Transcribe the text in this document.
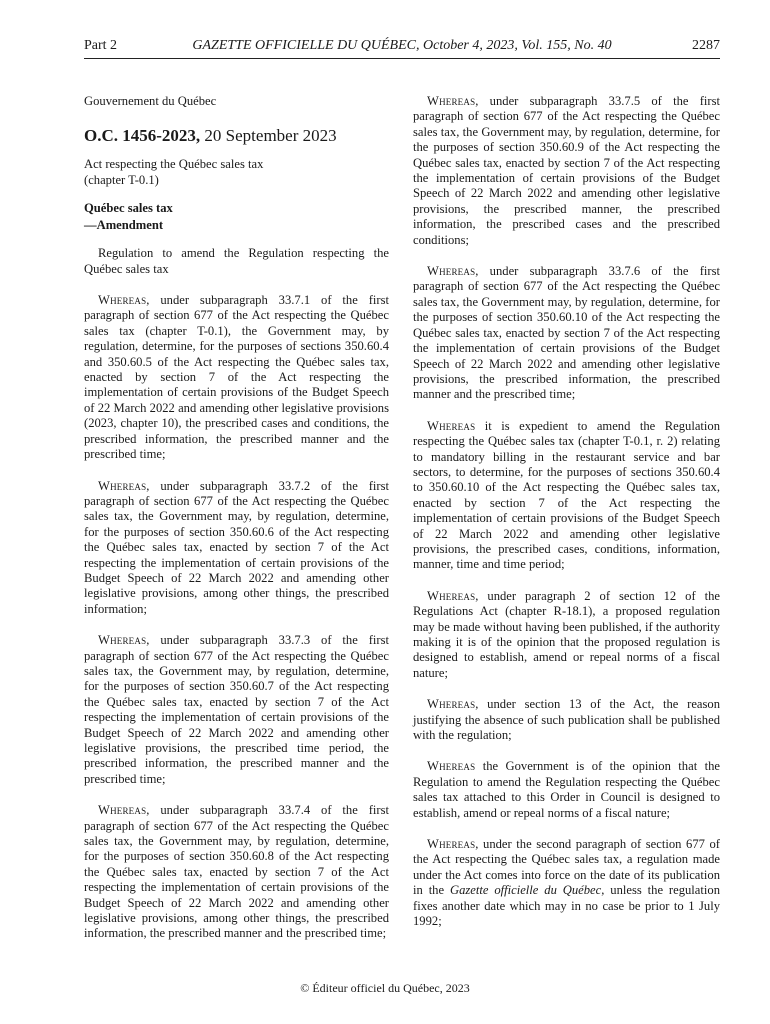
Part 2	GAZETTE OFFICIELLE DU QUÉBEC, October 4, 2023, Vol. 155, No. 40	2287
Gouvernement du Québec
O.C. 1456-2023, 20 September 2023
Act respecting the Québec sales tax
(chapter T-0.1)
Québec sales tax
—Amendment
Regulation to amend the Regulation respecting the Québec sales tax

Whereas, under subparagraph 33.7.1 of the first paragraph of section 677 of the Act respecting the Québec sales tax (chapter T-0.1), the Government may, by regulation, determine, for the purposes of sections 350.60.4 and 350.60.5 of the Act respecting the Québec sales tax, enacted by section 7 of the Act respecting the implementation of certain provisions of the Budget Speech of 22 March 2022 and amending other legislative provisions (2023, chapter 10), the prescribed cases and conditions, the prescribed information, the prescribed manner and the prescribed time;

Whereas, under subparagraph 33.7.2 of the first paragraph of section 677 of the Act respecting the Québec sales tax, the Government may, by regulation, determine, for the purposes of section 350.60.6 of the Act respecting the Québec sales tax, enacted by section 7 of the Act respecting the implementation of certain provisions of the Budget Speech of 22 March 2022 and amending other legislative provisions, among other things, the prescribed information;

Whereas, under subparagraph 33.7.3 of the first paragraph of section 677 of the Act respecting the Québec sales tax, the Government may, by regulation, determine, for the purposes of section 350.60.7 of the Act respecting the Québec sales tax, enacted by section 7 of the Act respecting the implementation of certain provisions of the Budget Speech of 22 March 2022 and amending other legislative provisions, the prescribed time period, the prescribed information, the prescribed manner and the prescribed time;

Whereas, under subparagraph 33.7.4 of the first paragraph of section 677 of the Act respecting the Québec sales tax, the Government may, by regulation, determine, for the purposes of section 350.60.8 of the Act respecting the Québec sales tax, enacted by section 7 of the Act respecting the implementation of certain provisions of the Budget Speech of 22 March 2022 and amending other legislative provisions, among other things, the prescribed information, the prescribed manner and the prescribed time;

Whereas, under subparagraph 33.7.5 of the first paragraph of section 677 of the Act respecting the Québec sales tax, the Government may, by regulation, determine, for the purposes of section 350.60.9 of the Act respecting the Québec sales tax, enacted by section 7 of the Act respecting the implementation of certain provisions of the Budget Speech of 22 March 2022 and amending other legislative provisions, the prescribed manner, the prescribed information, the prescribed cases and the prescribed conditions;

Whereas, under subparagraph 33.7.6 of the first paragraph of section 677 of the Act respecting the Québec sales tax, the Government may, by regulation, determine, for the purposes of section 350.60.10 of the Act respecting the Québec sales tax, enacted by section 7 of the Act respecting the implementation of certain provisions of the Budget Speech of 22 March 2022 and amending other legislative provisions, the prescribed information, the prescribed manner and the prescribed time;

Whereas it is expedient to amend the Regulation respecting the Québec sales tax (chapter T-0.1, r. 2) relating to mandatory billing in the restaurant service and bar sectors, to determine, for the purposes of sections 350.60.4 to 350.60.10 of the Act respecting the Québec sales tax, enacted by section 7 of the Act respecting the implementation of certain provisions of the Budget Speech of 22 March 2022 and amending other legislative provisions, the prescribed cases, conditions, information, manner, time and time period;

Whereas, under paragraph 2 of section 12 of the Regulations Act (chapter R-18.1), a proposed regulation may be made without having been published, if the authority making it is of the opinion that the proposed regulation is designed to establish, amend or repeal norms of a fiscal nature;

Whereas, under section 13 of the Act, the reason justifying the absence of such publication shall be published with the regulation;

Whereas the Government is of the opinion that the Regulation to amend the Regulation respecting the Québec sales tax attached to this Order in Council is designed to establish, amend or repeal norms of a fiscal nature;

Whereas, under the second paragraph of section 677 of the Act respecting the Québec sales tax, a regulation made under the Act comes into force on the date of its publication in the Gazette officielle du Québec, unless the regulation fixes another date which may in no case be prior to 1 July 1992;

© Éditeur officiel du Québec, 2023
